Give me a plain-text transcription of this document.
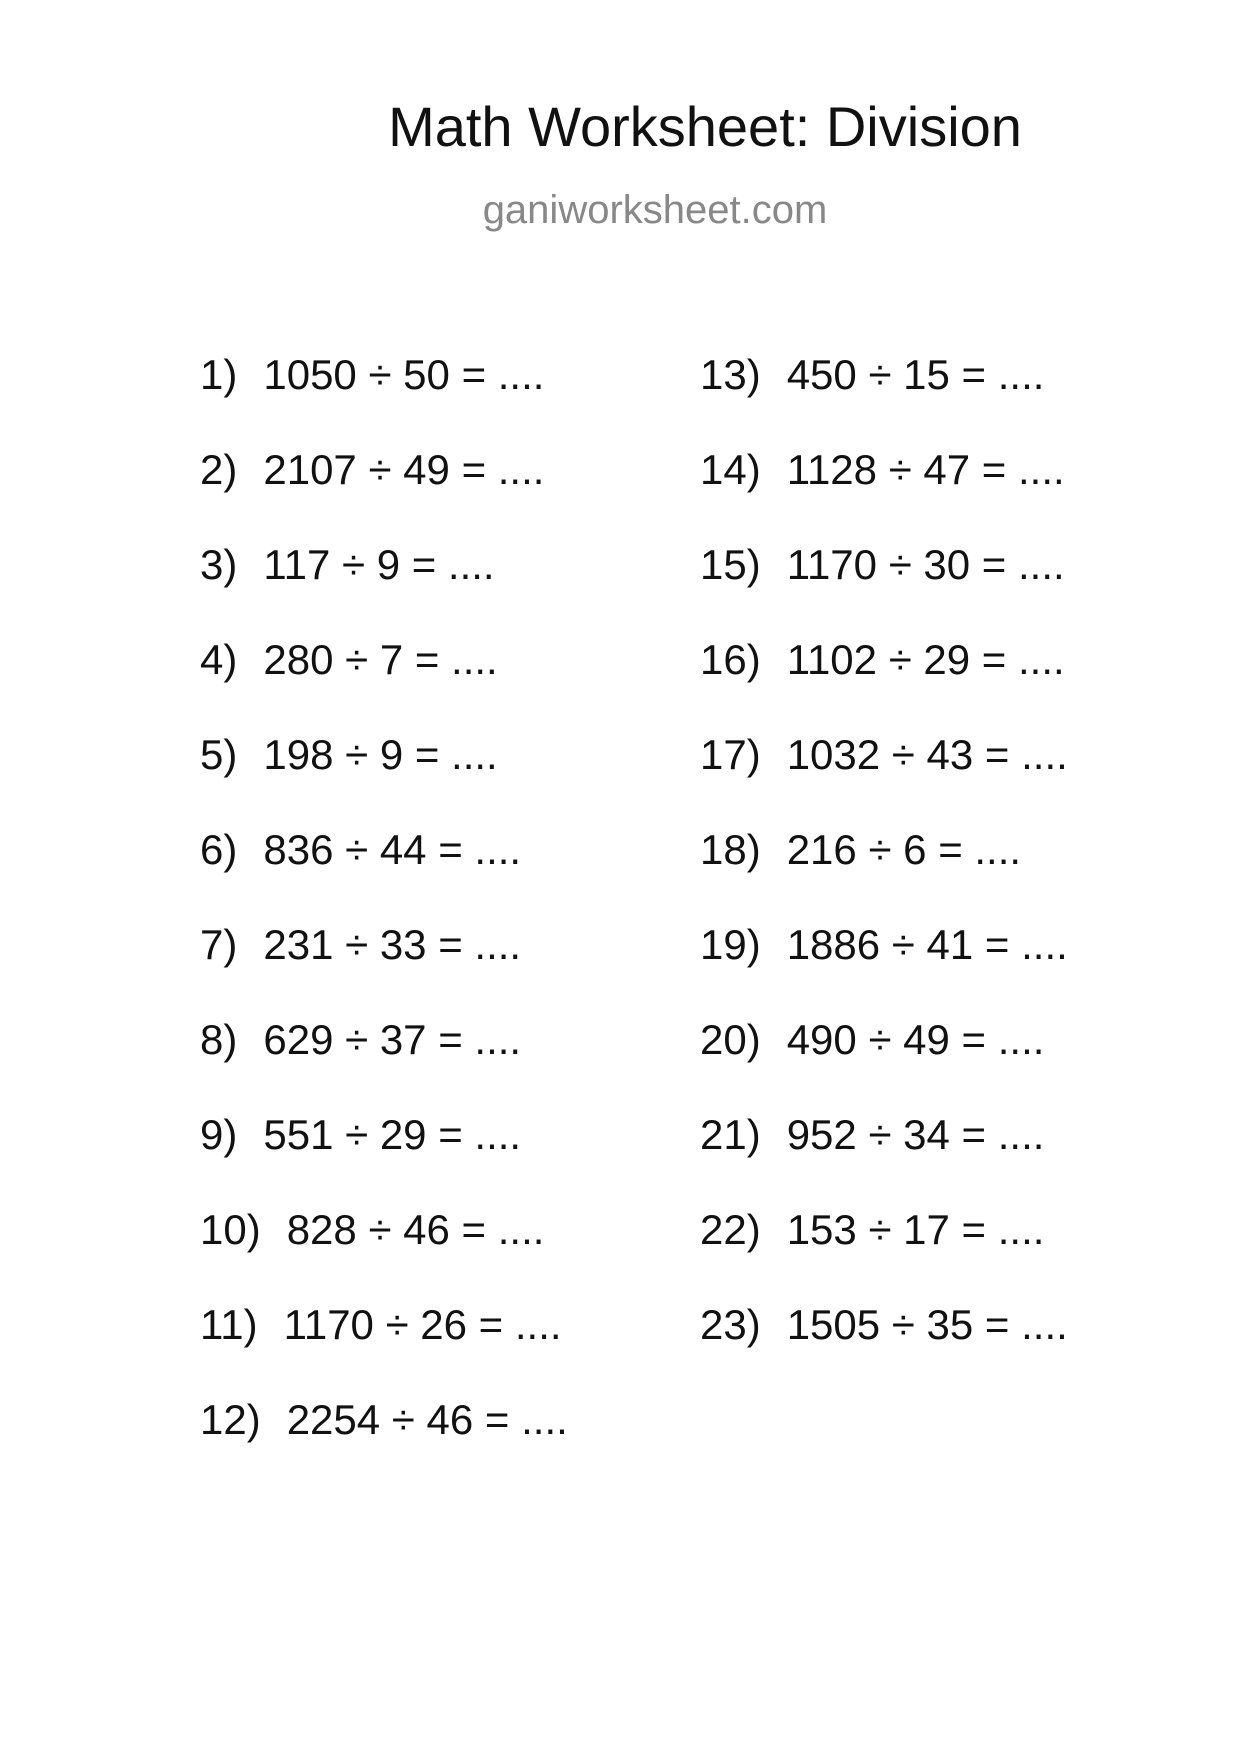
Math Worksheet: Division
ganiworksheet.com
1) 1050 ÷ 50 = ....
2) 2107 ÷ 49 = ....
3) 117 ÷ 9 = ....
4) 280 ÷ 7 = ....
5) 198 ÷ 9 = ....
6) 836 ÷ 44 = ....
7) 231 ÷ 33 = ....
8) 629 ÷ 37 = ....
9) 551 ÷ 29 = ....
10) 828 ÷ 46 = ....
11) 1170 ÷ 26 = ....
12) 2254 ÷ 46 = ....
13) 450 ÷ 15 = ....
14) 1128 ÷ 47 = ....
15) 1170 ÷ 30 = ....
16) 1102 ÷ 29 = ....
17) 1032 ÷ 43 = ....
18) 216 ÷ 6 = ....
19) 1886 ÷ 41 = ....
20) 490 ÷ 49 = ....
21) 952 ÷ 34 = ....
22) 153 ÷ 17 = ....
23) 1505 ÷ 35 = ....
